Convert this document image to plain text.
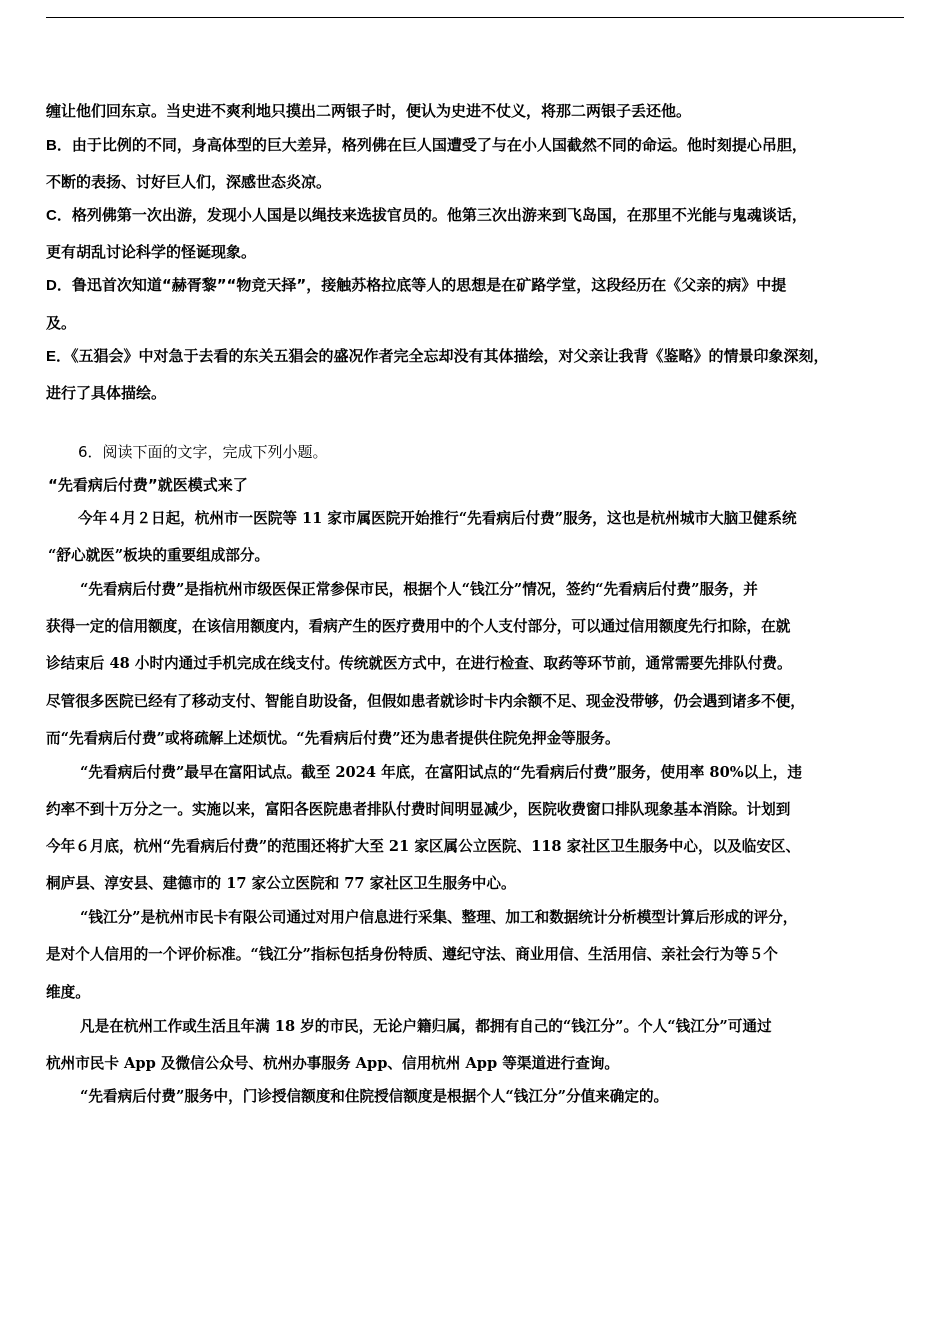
缠让他们回东京。当史进不爽利地只摸出二两银子时，便认为史进不仗义，将那二两银子丢还他。
B．由于比例的不同，身高体型的巨大差异，格列佛在巨人国遭受了与在小人国截然不同的命运。他时刻提心吊胆，
不断的表扬、讨好巨人们，深感世态炎凉。
C．格列佛第一次出游，发现小人国是以绳技来选拔官员的。他第三次出游来到飞岛国，在那里不光能与鬼魂谈话，
更有胡乱讨论科学的怪诞现象。
D．鲁迅首次知道“赫胥黎”“物竞天择”，接触苏格拉底等人的思想是在矿路学堂，这段经历在《父亲的病》中提
及。
E．《五猖会》中对急于去看的东关五猖会的盛况作者完全忘却没有其体描绘，对父亲让我背《鉴略》的情景印象深刻，
进行了具体描绘。
6．阅读下面的文字，完成下列小题。
“先看病后付费”就医模式来了
今年４月２日起，杭州市一医院等 11 家市属医院开始推行“先看病后付费”服务，这也是杭州城市大脑卫健系统
“舒心就医”板块的重要组成部分。
“先看病后付费”是指杭州市级医保正常参保市民，根据个人“钱江分”情况，签约“先看病后付费”服务，并
获得一定的信用额度，在该信用额度内，看病产生的医疗费用中的个人支付部分，可以通过信用额度先行扣除，在就
诊结束后 48 小时内通过手机完成在线支付。传统就医方式中，在进行检查、取药等环节前，通常需要先排队付费。
尽管很多医院已经有了移动支付、智能自助设备，但假如患者就诊时卡内余额不足、现金没带够，仍会遇到诸多不便，
而“先看病后付费”或将疏解上述烦忧。“先看病后付费”还为患者提供住院免押金等服务。
“先看病后付费”最早在富阳试点。截至 2024 年底，在富阳试点的“先看病后付费”服务，使用率 80%以上，违
约率不到十万分之一。实施以来，富阳各医院患者排队付费时间明显减少，医院收费窗口排队现象基本消除。计划到
今年６月底，杭州“先看病后付费”的范围还将扩大至 21 家区属公立医院、118 家社区卫生服务中心，以及临安区、
桐庐县、淳安县、建德市的 17 家公立医院和 77 家社区卫生服务中心。
“钱江分”是杭州市民卡有限公司通过对用户信息进行采集、整理、加工和数据统计分析模型计算后形成的评分，
是对个人信用的一个评价标准。“钱江分”指标包括身份特质、遵纪守法、商业用信、生活用信、亲社会行为等５个
维度。
凡是在杭州工作或生活且年满 18 岁的市民，无论户籍归属，都拥有自己的“钱江分”。个人“钱江分”可通过
杭州市民卡 App 及微信公众号、杭州办事服务 App、信用杭州 App 等渠道进行查询。
“先看病后付费”服务中，门诊授信额度和住院授信额度是根据个人“钱江分”分值来确定的。
